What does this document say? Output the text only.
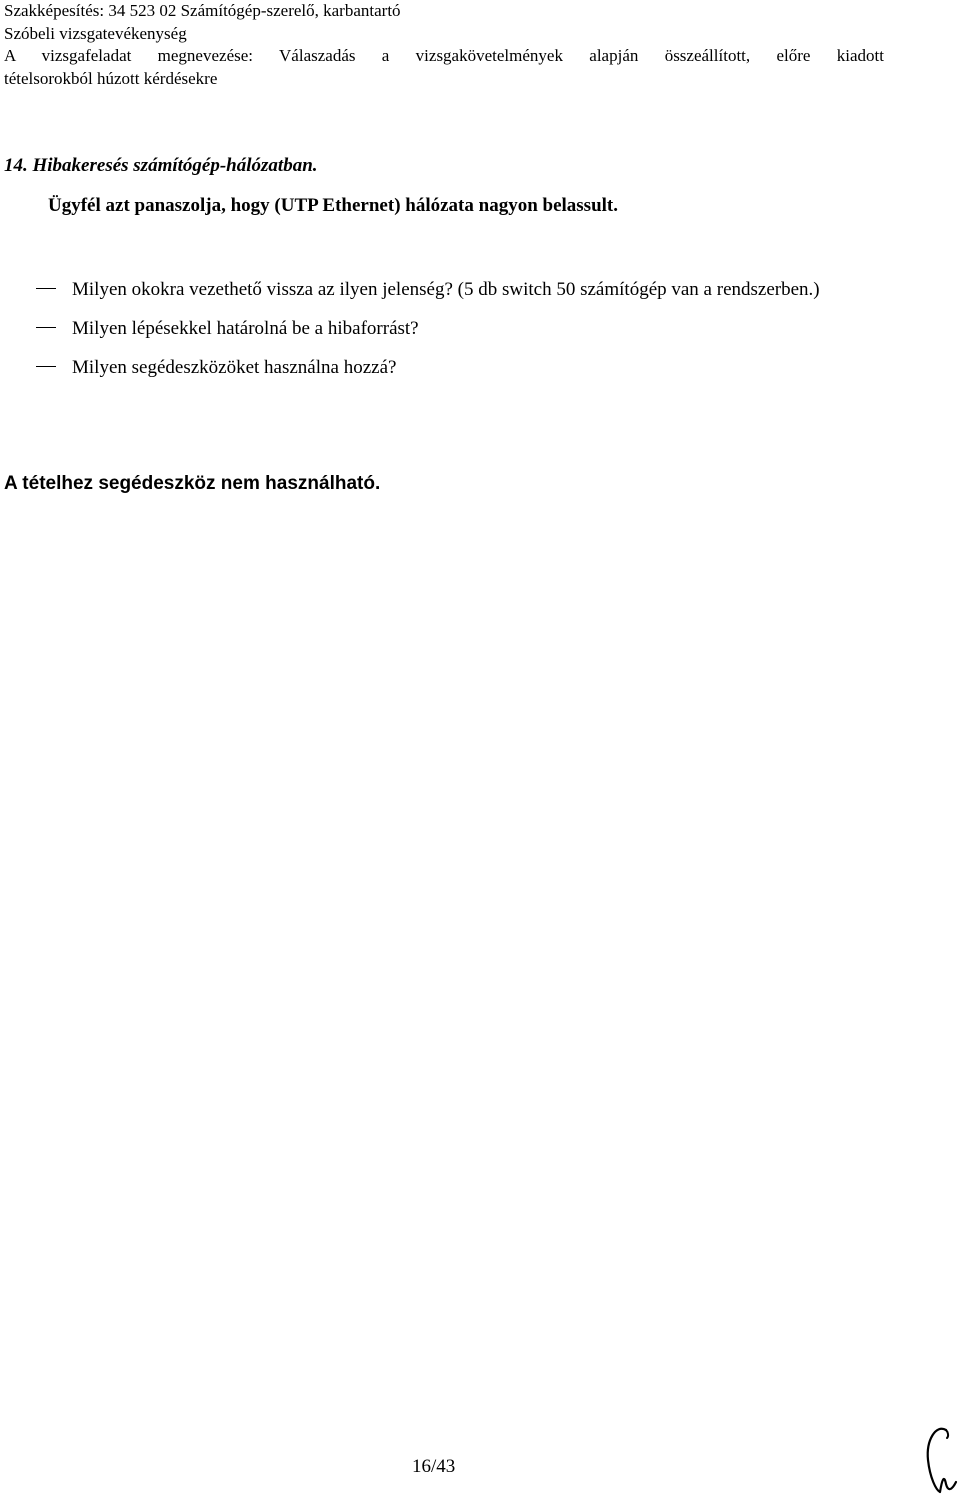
Szakképesítés: 34 523 02 Számítógép-szerelő, karbantartó
Szóbeli vizsgatevékenység
A vizsgafeladat megnevezése: Válaszadás a vizsgakövetelmények alapján összeállított, előre kiadott
tételsorokból húzott kérdésekre
14. Hibakeresés számítógép-hálózatban.
Ügyfél azt panaszolja, hogy (UTP Ethernet) hálózata nagyon belassult.
Milyen okokra vezethető vissza az ilyen jelenség? (5 db switch 50 számítógép van a rendszerben.)
Milyen lépésekkel határolná be a hibaforrást?
Milyen segédeszközöket használna hozzá?
A tételhez segédeszköz nem használható.
16/43
